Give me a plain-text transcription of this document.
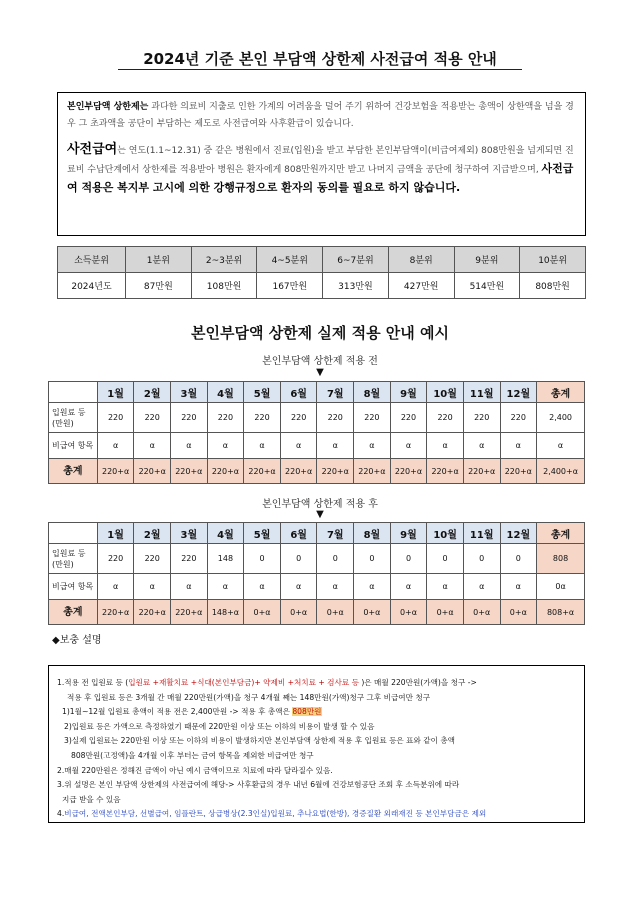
2024년 기준 본인 부담액 상한제 사전급여 적용 안내

본인부담액 상한제는 과다한 의료비 지출로 인한 가계의 어려움을 덜어 주기 위하여 건강보험을 적용받는 총액이 상한액을 넘을 경우 그 초과액을 공단이 부담하는 제도로 사전급여와 사후환급이 있습니다.

사전급여는 연도(1.1~12.31) 중 같은 병원에서 진료(입원)을 받고 부담한 본인부담액이(비급여제외) 808만원을 넘게되면 진료비 수납단계에서 상한제를 적용받아 병원은 환자에게 808만원까지만 받고 나머지 금액을 공단에 청구하여 지급받으며, 사전급여 적용은 복지부 고시에 의한 강행규정으로 환자의 동의를 필요로 하지 않습니다.

소득분위	1분위	2~3분위	4~5분위	6~7분위	8분위	9분위	10분위
2024년도	87만원	108만원	167만원	313만원	427만원	514만원	808만원
본인부담액 상한제 실제 적용 안내 예시
본인부담액 상한제 적용 전
▼
	1월	2월	3월	4월	5월	6월	7월	8월	9월	10월	11월	12월	총계
입원료 등 (만원)	220	220	220	220	220	220	220	220	220	220	220	220	2,400
비급여 항목	α	α	α	α	α	α	α	α	α	α	α	α	α
총계	220+α	220+α	220+α	220+α	220+α	220+α	220+α	220+α	220+α	220+α	220+α	220+α	2,400+α
본인부담액 상한제 적용 후
▼
	1월	2월	3월	4월	5월	6월	7월	8월	9월	10월	11월	12월	총계
입원료 등 (만원)	220	220	220	148	0	0	0	0	0	0	0	0	808
비급여 항목	α	α	α	α	α	α	α	α	α	α	α	α	0α
총계	220+α	220+α	220+α	148+α	0+α	0+α	0+α	0+α	0+α	0+α	0+α	0+α	808+α
◆보충 설명
1.적용 전 입원료 등 (입원료 +재활치료 +식대(본인부담금)+ 약제비 +처치료 + 검사료 등 )은 매월 220만원(가액)을 청구 ->
적용 후 입원료 등은 3개월 간 매월 220만원(가액)을 청구 4개월 째는 148만원(가액)청구 그후 비급여만 청구
1)1월~12월 입원료 총액이 적용 전은 2,400만원 -> 적용 후 총액은 808만원
2)입원료 등은 가액으로 측정하였기 때문에 220만원 이상 또는 이하의 비용이 발생 할 수 있음
3)실제 입원료는 220만원 이상 또는 이하의 비용이 발생하지만 본인부담액 상한제 적용 후 입원료 등은 표와 같이 총액
808만원(고정액)을 4개월 이후 부터는 금여 항목을 제외한 비급여만 청구
2.매월 220만원은 정해진 금액이 아닌 예시 금액이므로 치료에 따라 달라질수 있음.
3.위 설명은 본인 부담액 상한제의 사전급여에 해당-> 사후환급의 경우 내년 6월에 건강보험공단 조회 후 소득분위에 따라
지급 받을 수 있음
4.비급여, 전액본인부담, 선별급여, 임플란트, 상급병상(2.3인실)입원료, 추나요법(한방), 경증질환 외래재진 등 본인부담금은 제외
